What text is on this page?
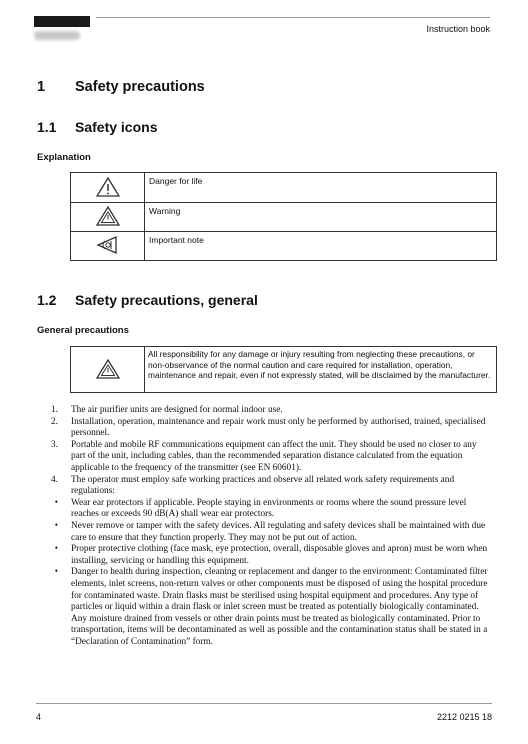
Instruction book
1 Safety precautions
1.1 Safety icons
Explanation
	Danger for life
	Warning
	Important note
1.2 Safety precautions, general
General precautions
	All responsibility for any damage or injury resulting from neglecting these precautions, or non-observance of the normal caution and care required for installation, operation, maintenance and repair, even if not expressly stated, will be disclaimed by the manufacturer.
1. The air purifier units are designed for normal indoor use.
2. Installation, operation, maintenance and repair work must only be performed by authorised, trained, specialised personnel.
3. Portable and mobile RF communications equipment can affect the unit. They should be used no closer to any part of the unit, including cables, than the recommended separation distance calculated from the equation applicable to the frequency of the transmitter (see EN 60601).
4. The operator must employ safe working practices and observe all related work safety requirements and regulations:
• Wear ear protectors if applicable. People staying in environments or rooms where the sound pressure level reaches or exceeds 90 dB(A) shall wear ear protectors.
• Never remove or tamper with the safety devices. All regulating and safety devices shall be maintained with due care to ensure that they function properly. They may not be put out of action.
• Proper protective clothing (face mask, eye protection, overall, disposable gloves and apron) must be worn when installing, servicing or handling this equipment.
• Danger to health during inspection, cleaning or replacement and danger to the environment: Contaminated filter elements, inlet screens, non-return valves or other components must be disposed of using the hospital procedure for contaminated waste. Drain flasks must be sterilised using hospital equipment and procedures. Any type of particles or liquid within a drain flask or inlet screen must be treated as potentially biologically contaminated. Any moisture drained from vessels or other drain points must be treated as biologically contaminated. Prior to transportation, items will be decontaminated as well as possible and the contamination status shall be stated in a “Declaration of Contamination” form.
4	2212 0215 18
